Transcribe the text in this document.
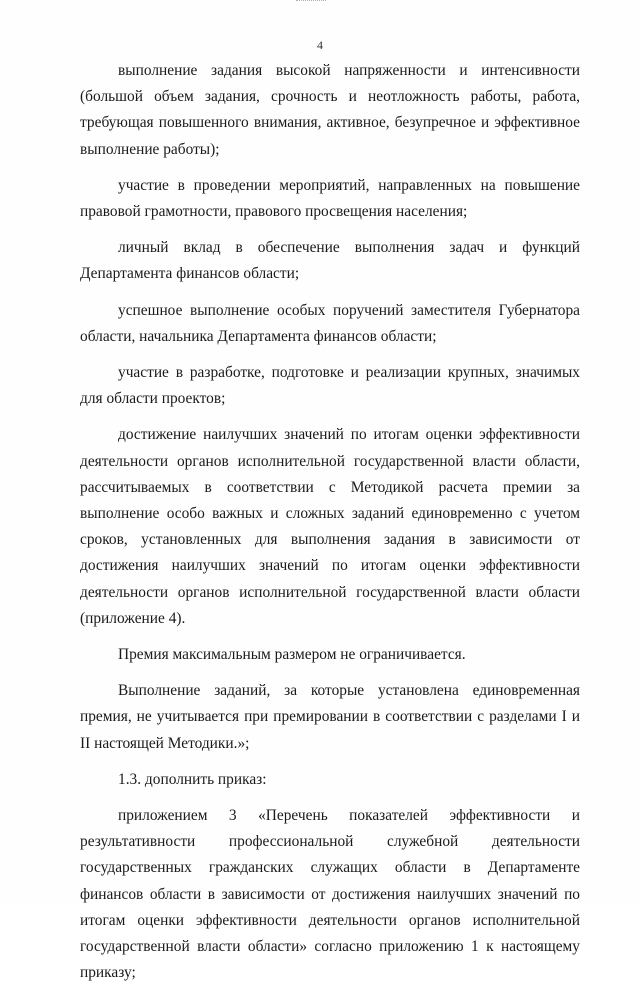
4

выполнение задания высокой напряженности и интенсивности (большой объем задания, срочность и неотложность работы, работа, требующая повышенного внимания, активное, безупречное и эффективное выполнение работы);

участие в проведении мероприятий, направленных на повышение правовой грамотности, правового просвещения населения;

личный вклад в обеспечение выполнения задач и функций Департамента финансов области;

успешное выполнение особых поручений заместителя Губернатора области, начальника Департамента финансов области;

участие в разработке, подготовке и реализации крупных, значимых для области проектов;

достижение наилучших значений по итогам оценки эффективности деятельности органов исполнительной государственной власти области, рассчитываемых в соответствии с Методикой расчета премии за выполнение особо важных и сложных заданий единовременно с учетом сроков, установленных для выполнения задания в зависимости от достижения наилучших значений по итогам оценки эффективности деятельности органов исполнительной государственной власти области (приложение 4).

Премия максимальным размером не ограничивается.

Выполнение заданий, за которые установлена единовременная премия, не учитывается при премировании в соответствии с разделами I и II настоящей Методики.»;

1.3. дополнить приказ:

приложением 3 «Перечень показателей эффективности и результативности профессиональной служебной деятельности государственных гражданских служащих области в Департаменте финансов области в зависимости от достижения наилучших значений по итогам оценки эффективности деятельности органов исполнительной государственной власти области» согласно приложению 1 к настоящему приказу;
